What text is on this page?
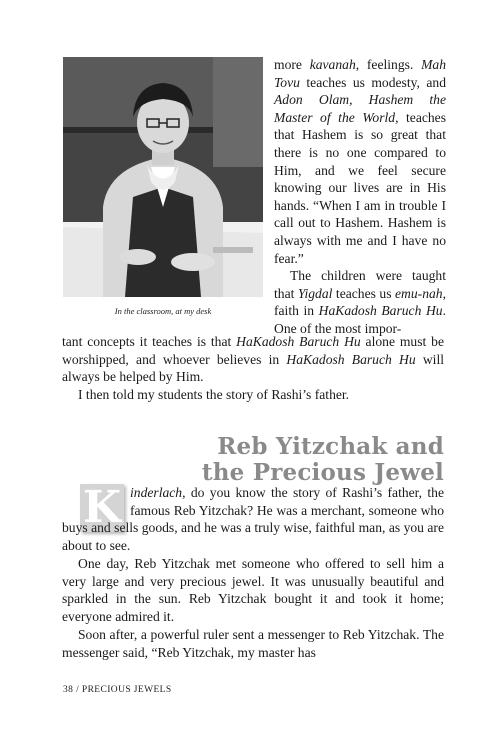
In the classroom, at my desk

more kavanah, feelings. Mah Tovu teaches us modesty, and Adon Olam, Hashem the Master of the World, teaches that Hashem is so great that there is no one compared to Him, and we feel secure knowing our lives are in His hands. “When I am in trouble I call out to Hashem. Hashem is always with me and I have no fear.”

The children were taught that Yigdal teaches us emu-nah, faith in HaKadosh Baruch Hu. One of the most impor-

tant concepts it teaches is that HaKadosh Baruch Hu alone must be worshipped, and whoever believes in HaKadosh Baruch Hu will always be helped by Him.
I then told my students the story of Rashi’s father.
Reb Yitzchak and
the Precious Jewel
K inderlach, do you know the story of Rashi’s father, the famous Reb Yitzchak? He was a merchant, someone who
buys and sells goods, and he was a truly wise, faithful man, as you are about to see.
One day, Reb Yitzchak met someone who offered to sell him a very large and very precious jewel. It was unusually beautiful and sparkled in the sun. Reb Yitzchak bought it and took it home; everyone admired it.
Soon after, a powerful ruler sent a messenger to Reb Yitzchak. The messenger said, “Reb Yitzchak, my master has
38 / PRECIOUS JEWELS
